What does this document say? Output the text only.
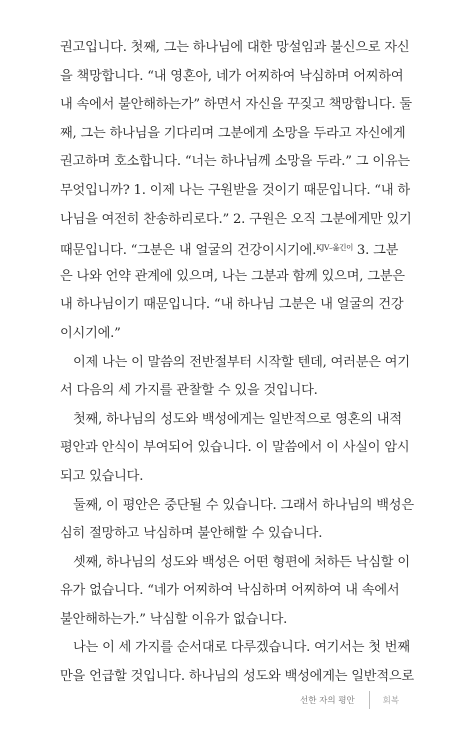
권고입니다. 첫째, 그는 하나님에 대한 망설임과 불신으로 자신
을 책망합니다. “내 영혼아, 네가 어찌하여 낙심하며 어찌하여
내 속에서 불안해하는가” 하면서 자신을 꾸짖고 책망합니다. 둘
째, 그는 하나님을 기다리며 그분에게 소망을 두라고 자신에게
권고하며 호소합니다. “너는 하나님께 소망을 두라.” 그 이유는
무엇입니까? 1. 이제 나는 구원받을 것이기 때문입니다. “내 하
나님을 여전히 찬송하리로다.” 2. 구원은 오직 그분에게만 있기
때문입니다. “그분은 내 얼굴의 건강이시기에.$^{KJV-옮긴이}$ 3. 그분
은 나와 언약 관계에 있으며, 나는 그분과 함께 있으며, 그분은
내 하나님이기 때문입니다. “내 하나님 그분은 내 얼굴의 건강
이시기에.”
이제 나는 이 말씀의 전반절부터 시작할 텐데, 여러분은 여기
서 다음의 세 가지를 관찰할 수 있을 것입니다.
첫째, 하나님의 성도와 백성에게는 일반적으로 영혼의 내적
평안과 안식이 부여되어 있습니다. 이 말씀에서 이 사실이 암시
되고 있습니다.
둘째, 이 평안은 중단될 수 있습니다. 그래서 하나님의 백성은
심히 절망하고 낙심하며 불안해할 수 있습니다.
셋째, 하나님의 성도와 백성은 어떤 형편에 처하든 낙심할 이
유가 없습니다. “네가 어찌하여 낙심하며 어찌하여 내 속에서
불안해하는가.” 낙심할 이유가 없습니다.
나는 이 세 가지를 순서대로 다루겠습니다. 여기서는 첫 번째
만을 언급할 것입니다. 하나님의 성도와 백성에게는 일반적으로
선한 자의 평안	회복
